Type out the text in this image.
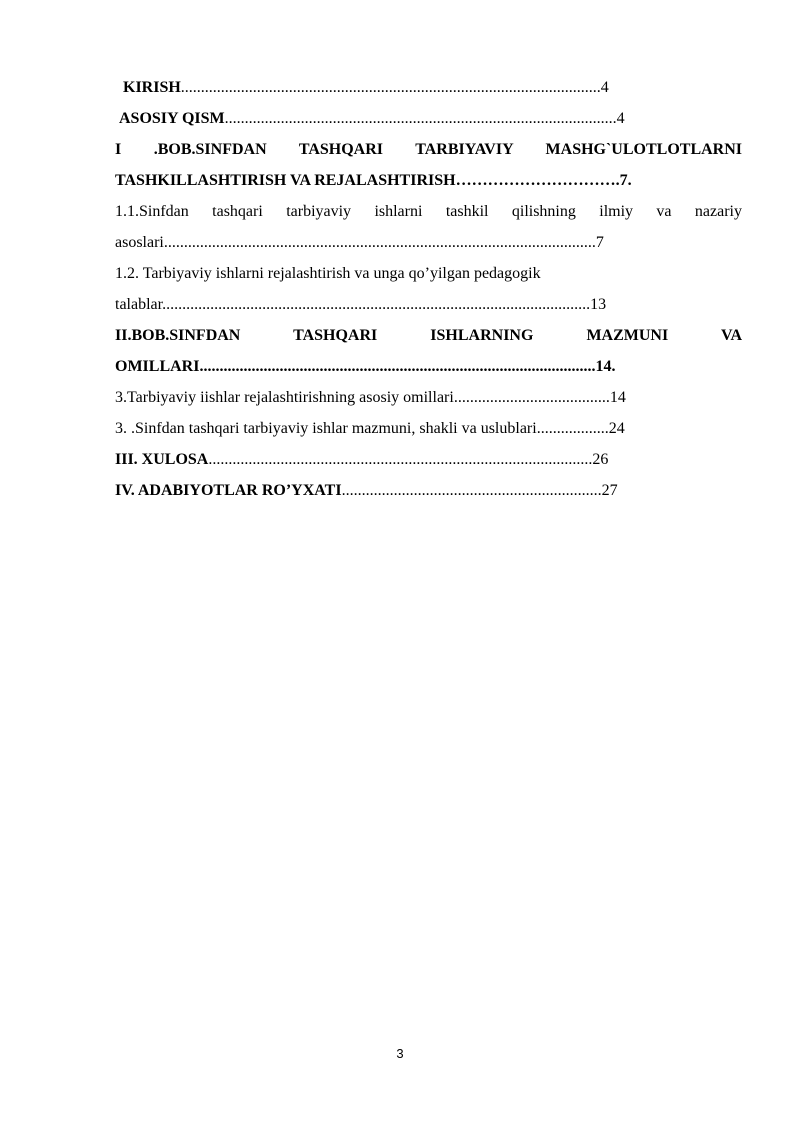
KIRISH.........................................................................................................4
ASOSIY QISM..................................................................................................4
I .BOB.SINFDAN TASHQARI TARBIYAVIY MASHG`ULOTLOTLARNI
TASHKILLASHTIRISH VA REJALASHTIRISH………………………….7.
1.1.Sinfdan tashqari tarbiyaviy ishlarni tashkil qilishning ilmiy va nazariy
asoslari............................................................................................................7
1.2. Tarbiyaviy ishlarni rejalashtirish va unga qo’yilgan pedagogik
talablar...........................................................................................................13
II.BOB.SINFDAN TASHQARI ISHLARNING MAZMUNI VA
OMILLARI...................................................................................................14.
3.Tarbiyaviy iishlar rejalashtirishning asosiy omillari.......................................14
3. .Sinfdan tashqari tarbiyaviy ishlar mazmuni, shakli va uslublari..................24
III. XULOSA................................................................................................26
IV. ADABIYOTLAR RO’YXATI.................................................................27
3
